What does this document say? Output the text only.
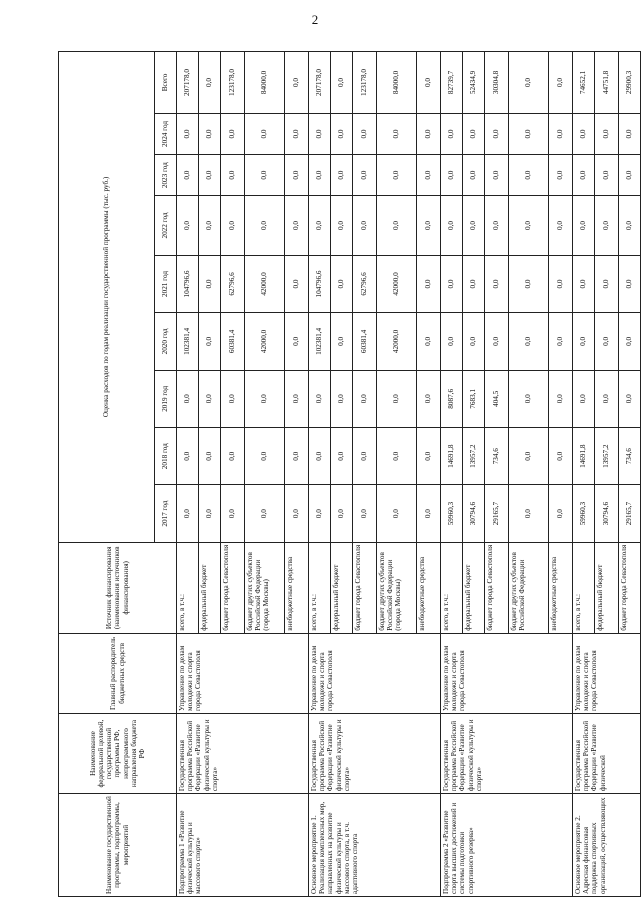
2
Наименование государственной программы, подпрограммы, мероприятий	Наименование федеральной целевой, государственной программы РФ, непрограммного направления бюджета РФ	Главный распорядитель бюджетных средств	Источник финансирования (наименования источников финансирования)	Оценка расходов по годам реализации государственной программы (тыс. руб.)								
				2017 год	2018 год	2019 год	2020 год	2021 год	2022 год	2023 год	2024 год	Всего
Подпрограмма 1 «Развитие физической культуры и массового спорта»	Государственная программа Российской Федерации «Развитие физической культуры и спорта»	Управление по делам молодежи и спорта города Севастополя	всего, в т.ч.:	0,0	0,0	0,0	102381,4	104796,6	0,0	0,0	0,0	207178,0
			федеральный бюджет	0,0	0,0	0,0	0,0	0,0	0,0	0,0	0,0	0,0
			бюджет города Севастополя	0,0	0,0	0,0	60381,4	62796,6	0,0	0,0	0,0	123178,0
			бюджет других субъектов Российской Федерации (города Москвы)	0,0	0,0	0,0	42000,0	42000,0	0,0	0,0	0,0	84000,0
			внебюджетные средства	0,0	0,0	0,0	0,0	0,0	0,0	0,0	0,0	0,0
Основное мероприятие 1. Реализация комплексных мер, направленных на развитие физической культуры и массового спорта, в т.ч. адаптивного спорта	Государственная программа Российской Федерации «Развитие физической культуры и спорта»	Управление по делам молодежи и спорта города Севастополя	всего, в т.ч.:	0,0	0,0	0,0	102381,4	104796,6	0,0	0,0	0,0	207178,0
			федеральный бюджет	0,0	0,0	0,0	0,0	0,0	0,0	0,0	0,0	0,0
			бюджет города Севастополя	0,0	0,0	0,0	60381,4	62796,6	0,0	0,0	0,0	123178,0
			бюджет других субъектов Российской Федерации (города Москвы)	0,0	0,0	0,0	42000,0	42000,0	0,0	0,0	0,0	84000,0
			внебюджетные средства	0,0	0,0	0,0	0,0	0,0	0,0	0,0	0,0	0,0
Подпрограмма 2 «Развитие спорта высших достижений и системы подготовки спортивного резерва»	Государственная программа Российской Федерации «Развитие физической культуры и спорта»	Управление по делам молодежи и спорта города Севастополя	всего, в т.ч.:	59960,3	14691,8	8087,6	0,0	0,0	0,0	0,0	0,0	82739,7
			федеральный бюджет	30794,6	13957,2	7683,1	0,0	0,0	0,0	0,0	0,0	52434,9
			бюджет города Севастополя	29165,7	734,6	404,5	0,0	0,0	0,0	0,0	0,0	30304,8
			бюджет других субъектов Российской Федерации	0,0	0,0	0,0	0,0	0,0	0,0	0,0	0,0	0,0
			внебюджетные средства	0,0	0,0	0,0	0,0	0,0	0,0	0,0	0,0	0,0
Основное мероприятие 2. Адресная финансовая поддержка спортивных организаций, осуществляющих	Государственная программа Российской Федерации «Развитие физической	Управление по делам молодежи и спорта города Севастополя	всего, в т.ч.:	59960,3	14691,8	0,0	0,0	0,0	0,0	0,0	0,0	74652,1
			федеральный бюджет	30794,6	13957,2	0,0	0,0	0,0	0,0	0,0	0,0	44751,8
			бюджет города Севастополя	29165,7	734,6	0,0	0,0	0,0	0,0	0,0	0,0	29900,3
